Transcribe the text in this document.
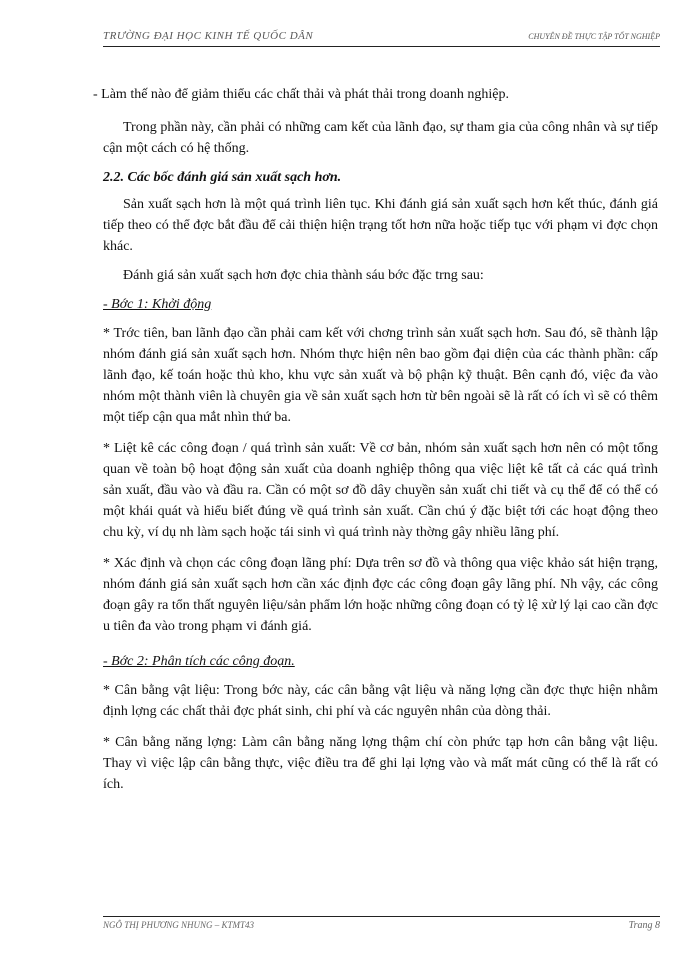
TRƯỜNG ĐẠI HỌC KINH TẾ QUỐC DÂN	CHUYÊN ĐỀ THỰC TẬP TỐT NGHIỆP

- Làm thế nào để giảm thiểu các chất thải và phát thải trong doanh nghiệp.

Trong phần này, cần phải có những cam kết của lãnh đạo, sự tham gia của công nhân và sự tiếp cận một cách có hệ thống.

2.2. Các bốc đánh giá sản xuất sạch hơn.

Sản xuất sạch hơn là một quá trình liên tục. Khi đánh giá sản xuất sạch hơn kết thúc, đánh giá tiếp theo có thể đợc bắt đầu để cải thiện hiện trạng tốt hơn nữa hoặc tiếp tục với phạm vi đợc chọn khác.

Đánh giá sản xuất sạch hơn đợc chia thành sáu bớc đặc trng sau:

- Bớc 1: Khởi động

* Trớc tiên, ban lãnh đạo cần phải cam kết với chơng trình sản xuất sạch hơn. Sau đó, sẽ thành lập nhóm đánh giá sản xuất sạch hơn. Nhóm thực hiện nên bao gồm đại diện của các thành phần: cấp lãnh đạo, kế toán hoặc thủ kho, khu vực sản xuất và bộ phận kỹ thuật. Bên cạnh đó, việc đa vào nhóm một thành viên là chuyên gia về sản xuất sạch hơn từ bên ngoài sẽ là rất có ích vì sẽ có thêm một tiếp cận qua mắt nhìn thứ ba.

* Liệt kê các công đoạn / quá trình sản xuất: Về cơ bản, nhóm sản xuất sạch hơn nên có một tổng quan về toàn bộ hoạt động sản xuất của doanh nghiệp thông qua việc liệt kê tất cả các quá trình sản xuất, đầu vào và đầu ra. Cần có một sơ đồ dây chuyền sản xuất chi tiết và cụ thể để có thể có một khái quát và hiểu biết đúng về quá trình sản xuất. Cần chú ý đặc biệt tới các hoạt động theo chu kỳ, ví dụ nh làm sạch hoặc tái sinh vì quá trình này thờng gây nhiều lãng phí.

* Xác định và chọn các công đoạn lãng phí: Dựa trên sơ đồ và thông qua việc khảo sát hiện trạng, nhóm đánh giá sản xuất sạch hơn cần xác định đợc các công đoạn gây lãng phí. Nh vậy, các công đoạn gây ra tổn thất nguyên liệu/sản phẩm lớn hoặc những công đoạn có tỷ lệ xử lý lại cao cần đợc u tiên đa vào trong phạm vi đánh giá.

- Bớc 2: Phân tích các công đoạn.

* Cân bằng vật liệu: Trong bớc này, các cân bằng vật liệu và năng lợng cần đợc thực hiện nhằm định lợng các chất thải đợc phát sinh, chi phí và các nguyên nhân của dòng thải.

* Cân bằng năng lợng: Làm cân bằng năng lợng thậm chí còn phức tạp hơn cân bằng vật liệu. Thay vì việc lập cân bằng thực, việc điều tra để ghi lại lợng vào và mất mát cũng có thể là rất có ích.

NGÔ THỊ PHƯƠNG NHUNG – KTMT43	Trang 8
